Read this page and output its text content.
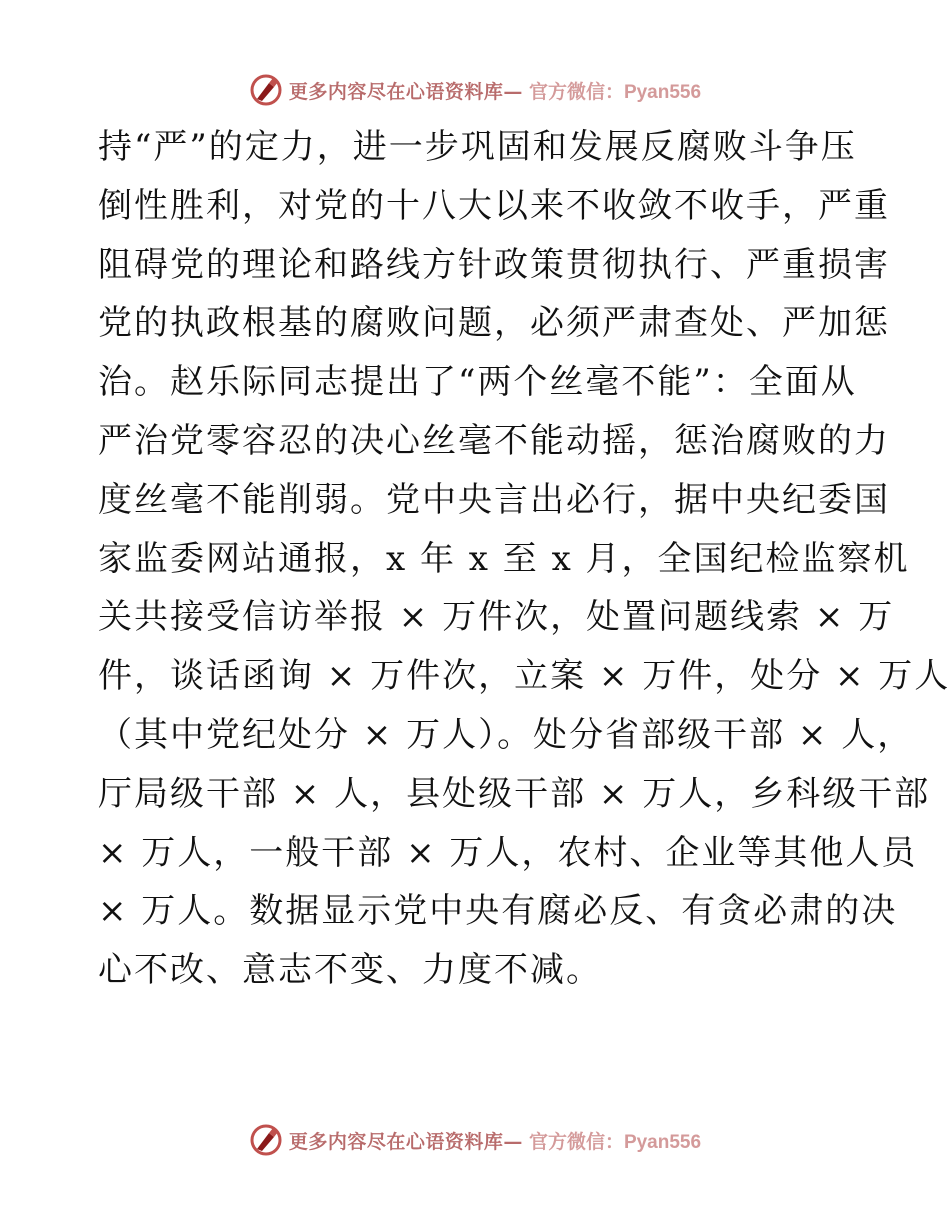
更多内容尽在心语资料库— 官方微信：Pyan556
持“严”的定力，进一步巩固和发展反腐败斗争压
倒性胜利，对党的十八大以来不收敛不收手，严重
阻碍党的理论和路线方针政策贯彻执行、严重损害
党的执政根基的腐败问题，必须严肃查处、严加惩
治。赵乐际同志提出了“两个丝毫不能”：全面从
严治党零容忍的决心丝毫不能动摇，惩治腐败的力
度丝毫不能削弱。党中央言出必行，据中央纪委国
家监委网站通报，x 年 x 至 x 月，全国纪检监察机
关共接受信访举报 × 万件次，处置问题线索 × 万
件，谈话函询 × 万件次，立案 × 万件，处分 × 万人
（其中党纪处分 × 万人）。处分省部级干部 × 人，
厅局级干部 × 人，县处级干部 × 万人，乡科级干部
× 万人，一般干部 × 万人，农村、企业等其他人员
× 万人。数据显示党中央有腐必反、有贪必肃的决
心不改、意志不变、力度不减。
更多内容尽在心语资料库— 官方微信：Pyan556
